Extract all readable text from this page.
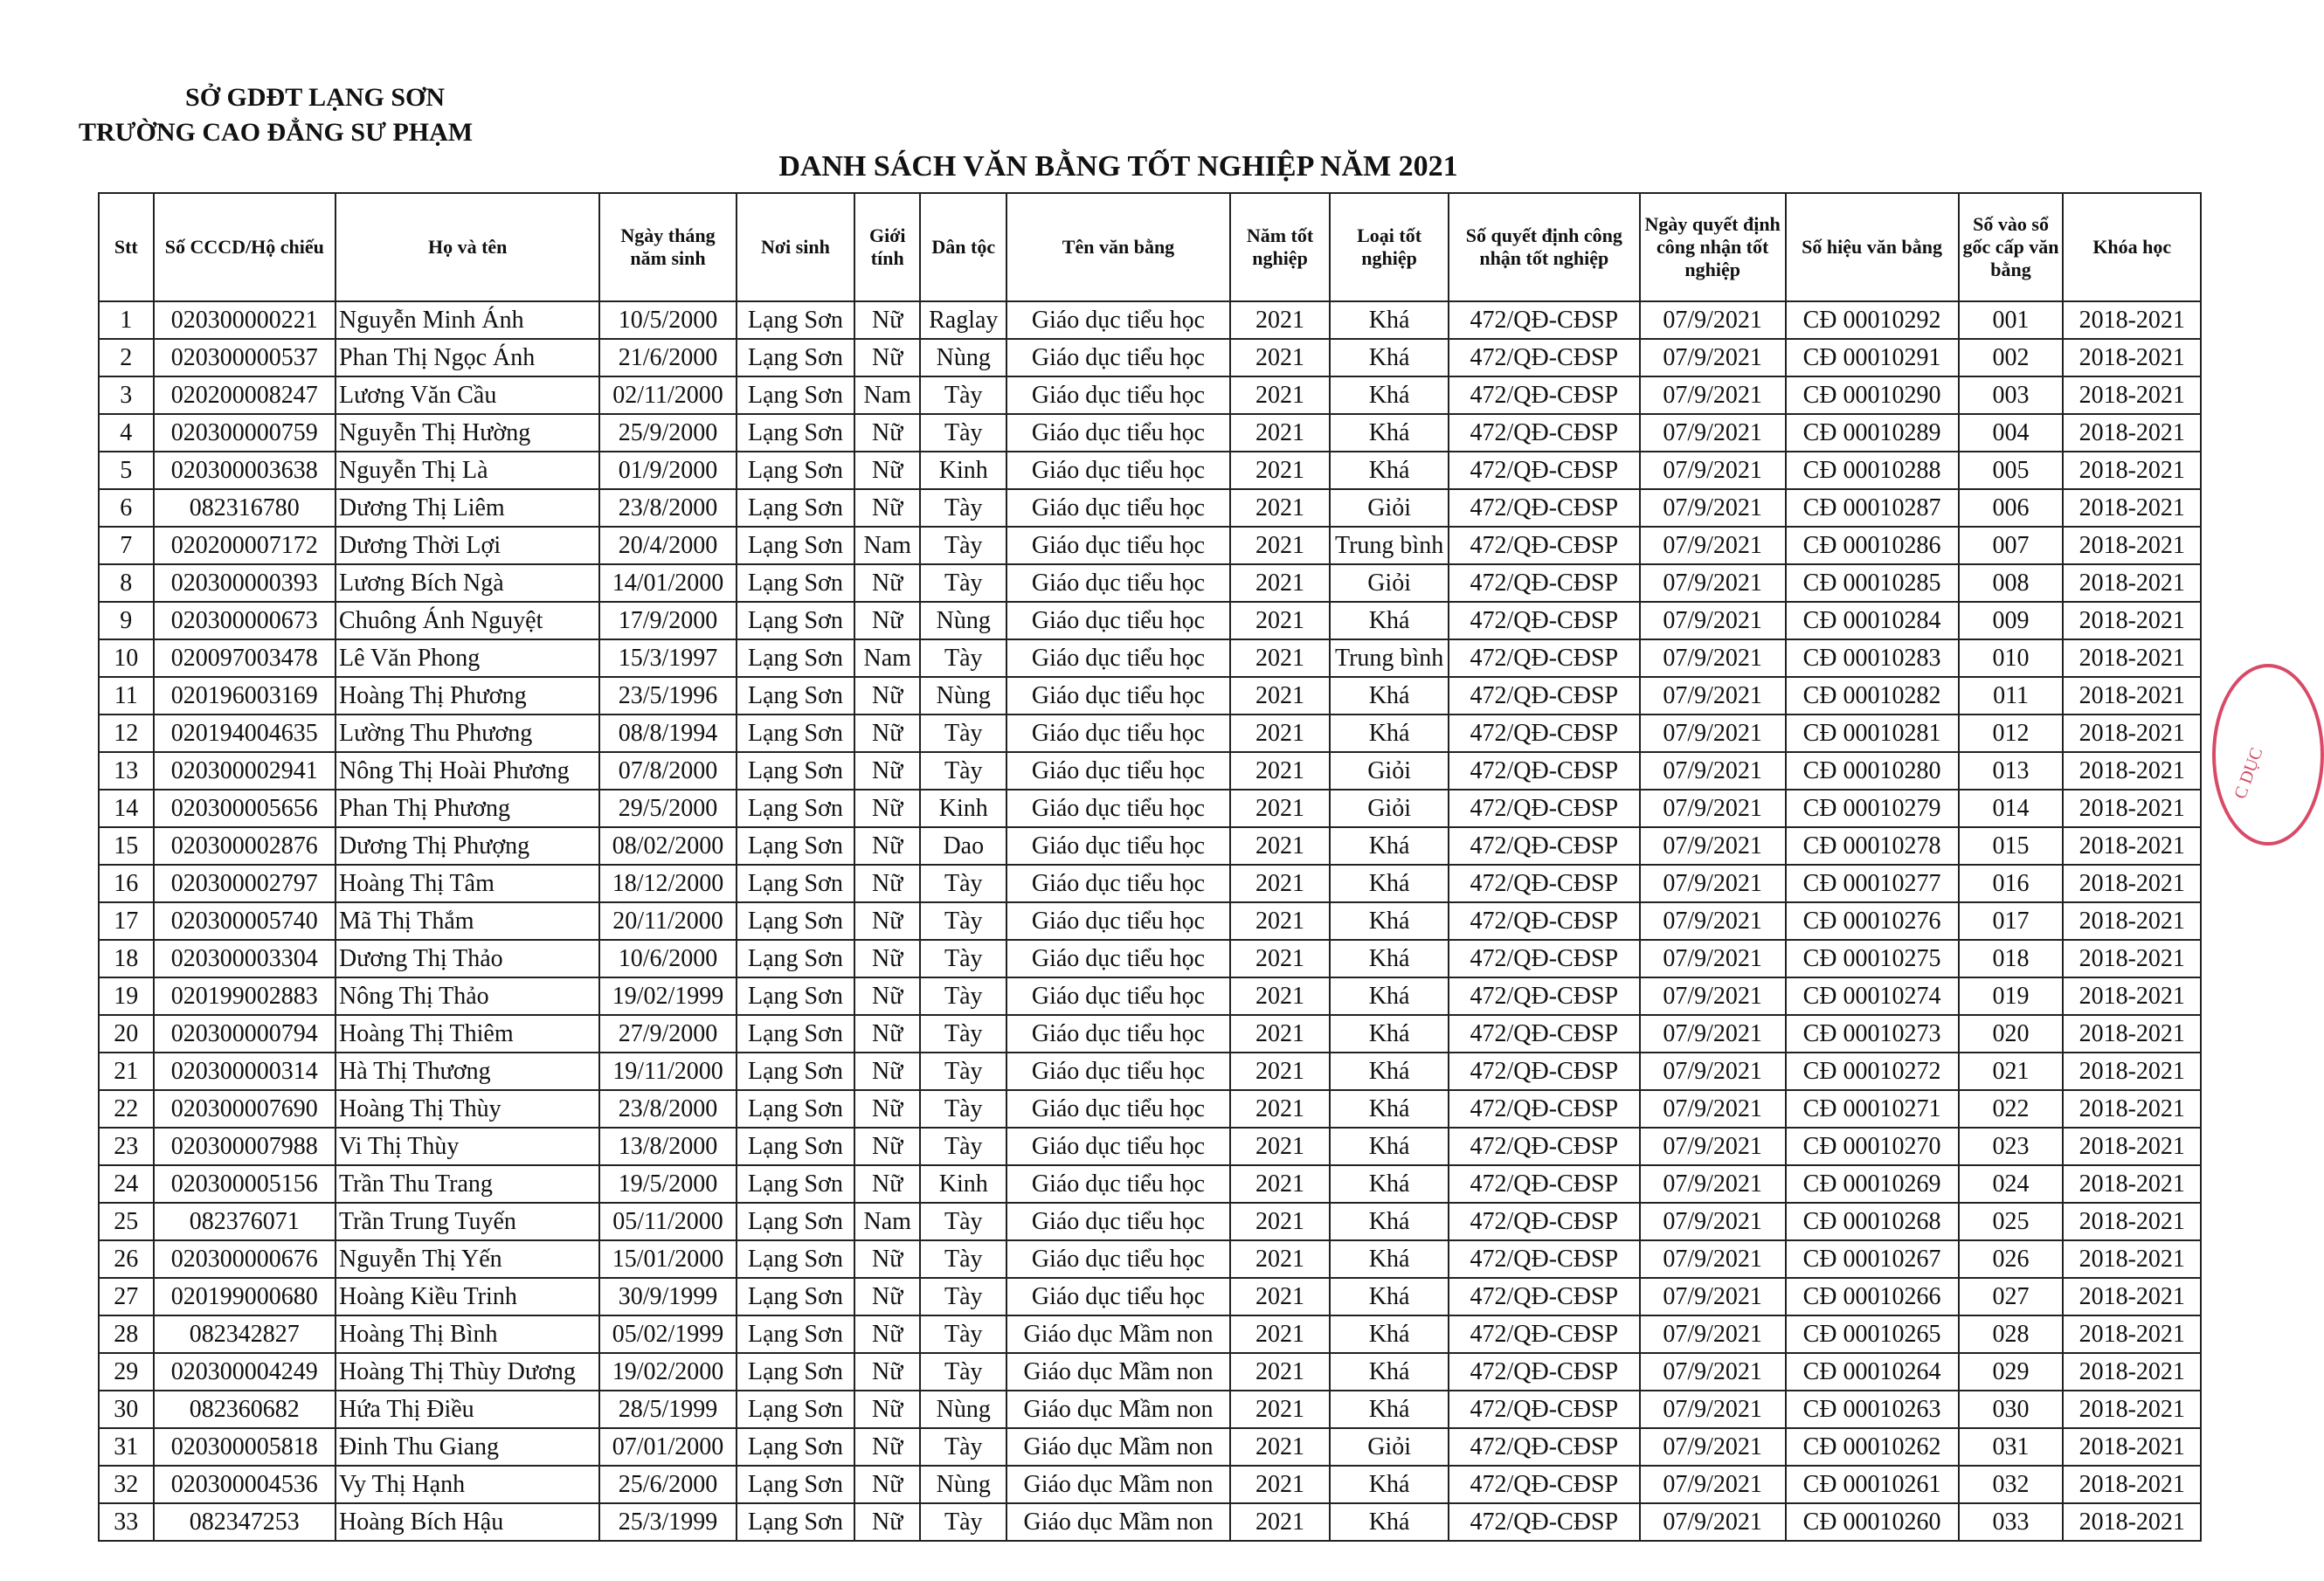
SỞ GDĐT LẠNG SƠN
TRƯỜNG CAO ĐẲNG SƯ PHẠM
DANH SÁCH VĂN BẰNG TỐT NGHIỆP NĂM 2021
Stt	Số CCCD/Hộ chiếu	Họ và tên	Ngày tháng năm sinh	Nơi sinh	Giới tính	Dân tộc	Tên văn bằng	Năm tốt nghiệp	Loại tốt nghiệp	Số quyết định công nhận tốt nghiệp	Ngày quyết định công nhận tốt nghiệp	Số hiệu văn bằng	Số vào sổ gốc cấp văn bằng	Khóa học
1	020300000221	Nguyễn Minh Ánh	10/5/2000	Lạng Sơn	Nữ	Raglay	Giáo dục tiểu học	2021	Khá	472/QĐ-CĐSP	07/9/2021	CĐ 00010292	001	2018-2021
2	020300000537	Phan Thị Ngọc Ánh	21/6/2000	Lạng Sơn	Nữ	Nùng	Giáo dục tiểu học	2021	Khá	472/QĐ-CĐSP	07/9/2021	CĐ 00010291	002	2018-2021
3	020200008247	Lương Văn Cầu	02/11/2000	Lạng Sơn	Nam	Tày	Giáo dục tiểu học	2021	Khá	472/QĐ-CĐSP	07/9/2021	CĐ 00010290	003	2018-2021
4	020300000759	Nguyễn Thị Hường	25/9/2000	Lạng Sơn	Nữ	Tày	Giáo dục tiểu học	2021	Khá	472/QĐ-CĐSP	07/9/2021	CĐ 00010289	004	2018-2021
5	020300003638	Nguyễn Thị Là	01/9/2000	Lạng Sơn	Nữ	Kinh	Giáo dục tiểu học	2021	Khá	472/QĐ-CĐSP	07/9/2021	CĐ 00010288	005	2018-2021
6	082316780	Dương Thị Liêm	23/8/2000	Lạng Sơn	Nữ	Tày	Giáo dục tiểu học	2021	Giỏi	472/QĐ-CĐSP	07/9/2021	CĐ 00010287	006	2018-2021
7	020200007172	Dương Thời Lợi	20/4/2000	Lạng Sơn	Nam	Tày	Giáo dục tiểu học	2021	Trung bình	472/QĐ-CĐSP	07/9/2021	CĐ 00010286	007	2018-2021
8	020300000393	Lương Bích Ngà	14/01/2000	Lạng Sơn	Nữ	Tày	Giáo dục tiểu học	2021	Giỏi	472/QĐ-CĐSP	07/9/2021	CĐ 00010285	008	2018-2021
9	020300000673	Chuông Ánh Nguyệt	17/9/2000	Lạng Sơn	Nữ	Nùng	Giáo dục tiểu học	2021	Khá	472/QĐ-CĐSP	07/9/2021	CĐ 00010284	009	2018-2021
10	020097003478	Lê Văn Phong	15/3/1997	Lạng Sơn	Nam	Tày	Giáo dục tiểu học	2021	Trung bình	472/QĐ-CĐSP	07/9/2021	CĐ 00010283	010	2018-2021
11	020196003169	Hoàng Thị Phương	23/5/1996	Lạng Sơn	Nữ	Nùng	Giáo dục tiểu học	2021	Khá	472/QĐ-CĐSP	07/9/2021	CĐ 00010282	011	2018-2021
12	020194004635	Lường Thu Phương	08/8/1994	Lạng Sơn	Nữ	Tày	Giáo dục tiểu học	2021	Khá	472/QĐ-CĐSP	07/9/2021	CĐ 00010281	012	2018-2021
13	020300002941	Nông Thị Hoài Phương	07/8/2000	Lạng Sơn	Nữ	Tày	Giáo dục tiểu học	2021	Giỏi	472/QĐ-CĐSP	07/9/2021	CĐ 00010280	013	2018-2021
14	020300005656	Phan Thị Phương	29/5/2000	Lạng Sơn	Nữ	Kinh	Giáo dục tiểu học	2021	Giỏi	472/QĐ-CĐSP	07/9/2021	CĐ 00010279	014	2018-2021
15	020300002876	Dương Thị Phượng	08/02/2000	Lạng Sơn	Nữ	Dao	Giáo dục tiểu học	2021	Khá	472/QĐ-CĐSP	07/9/2021	CĐ 00010278	015	2018-2021
16	020300002797	Hoàng Thị Tâm	18/12/2000	Lạng Sơn	Nữ	Tày	Giáo dục tiểu học	2021	Khá	472/QĐ-CĐSP	07/9/2021	CĐ 00010277	016	2018-2021
17	020300005740	Mã Thị Thắm	20/11/2000	Lạng Sơn	Nữ	Tày	Giáo dục tiểu học	2021	Khá	472/QĐ-CĐSP	07/9/2021	CĐ 00010276	017	2018-2021
18	020300003304	Dương Thị Thảo	10/6/2000	Lạng Sơn	Nữ	Tày	Giáo dục tiểu học	2021	Khá	472/QĐ-CĐSP	07/9/2021	CĐ 00010275	018	2018-2021
19	020199002883	Nông Thị Thảo	19/02/1999	Lạng Sơn	Nữ	Tày	Giáo dục tiểu học	2021	Khá	472/QĐ-CĐSP	07/9/2021	CĐ 00010274	019	2018-2021
20	020300000794	Hoàng Thị Thiêm	27/9/2000	Lạng Sơn	Nữ	Tày	Giáo dục tiểu học	2021	Khá	472/QĐ-CĐSP	07/9/2021	CĐ 00010273	020	2018-2021
21	020300000314	Hà Thị Thương	19/11/2000	Lạng Sơn	Nữ	Tày	Giáo dục tiểu học	2021	Khá	472/QĐ-CĐSP	07/9/2021	CĐ 00010272	021	2018-2021
22	020300007690	Hoàng Thị Thùy	23/8/2000	Lạng Sơn	Nữ	Tày	Giáo dục tiểu học	2021	Khá	472/QĐ-CĐSP	07/9/2021	CĐ 00010271	022	2018-2021
23	020300007988	Vi Thị Thùy	13/8/2000	Lạng Sơn	Nữ	Tày	Giáo dục tiểu học	2021	Khá	472/QĐ-CĐSP	07/9/2021	CĐ 00010270	023	2018-2021
24	020300005156	Trần Thu Trang	19/5/2000	Lạng Sơn	Nữ	Kinh	Giáo dục tiểu học	2021	Khá	472/QĐ-CĐSP	07/9/2021	CĐ 00010269	024	2018-2021
25	082376071	Trần Trung Tuyến	05/11/2000	Lạng Sơn	Nam	Tày	Giáo dục tiểu học	2021	Khá	472/QĐ-CĐSP	07/9/2021	CĐ 00010268	025	2018-2021
26	020300000676	Nguyễn Thị Yến	15/01/2000	Lạng Sơn	Nữ	Tày	Giáo dục tiểu học	2021	Khá	472/QĐ-CĐSP	07/9/2021	CĐ 00010267	026	2018-2021
27	020199000680	Hoàng Kiều Trinh	30/9/1999	Lạng Sơn	Nữ	Tày	Giáo dục tiểu học	2021	Khá	472/QĐ-CĐSP	07/9/2021	CĐ 00010266	027	2018-2021
28	082342827	Hoàng Thị Bình	05/02/1999	Lạng Sơn	Nữ	Tày	Giáo dục Mầm non	2021	Khá	472/QĐ-CĐSP	07/9/2021	CĐ 00010265	028	2018-2021
29	020300004249	Hoàng Thị Thùy Dương	19/02/2000	Lạng Sơn	Nữ	Tày	Giáo dục Mầm non	2021	Khá	472/QĐ-CĐSP	07/9/2021	CĐ 00010264	029	2018-2021
30	082360682	Hứa Thị Điều	28/5/1999	Lạng Sơn	Nữ	Nùng	Giáo dục Mầm non	2021	Khá	472/QĐ-CĐSP	07/9/2021	CĐ 00010263	030	2018-2021
31	020300005818	Đinh Thu Giang	07/01/2000	Lạng Sơn	Nữ	Tày	Giáo dục Mầm non	2021	Giỏi	472/QĐ-CĐSP	07/9/2021	CĐ 00010262	031	2018-2021
32	020300004536	Vy Thị Hạnh	25/6/2000	Lạng Sơn	Nữ	Nùng	Giáo dục Mầm non	2021	Khá	472/QĐ-CĐSP	07/9/2021	CĐ 00010261	032	2018-2021
33	082347253	Hoàng Bích Hậu	25/3/1999	Lạng Sơn	Nữ	Tày	Giáo dục Mầm non	2021	Khá	472/QĐ-CĐSP	07/9/2021	CĐ 00010260	033	2018-2021
C DỤC
